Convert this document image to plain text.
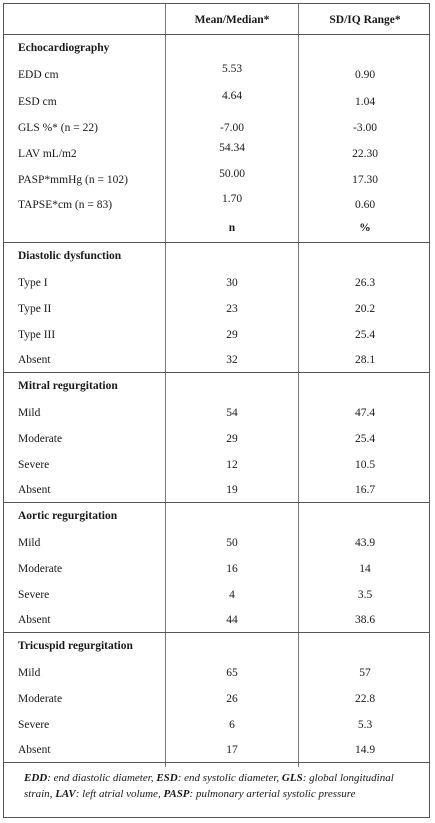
Mean/Median*	SD/IQ Range*
Echocardiography
EDD cm	5.53	0.90
ESD cm	4.64	1.04
GLS %* (n = 22)	-7.00	-3.00
LAV mL/m2	54.34	22.30
PASP*mmHg (n = 102)	50.00	17.30
TAPSE*cm (n = 83)	1.70	0.60
n	%
Diastolic dysfunction
Type I	30	26.3
Type II	23	20.2
Type III	29	25.4
Absent	32	28.1
Mitral regurgitation
Mild	54	47.4
Moderate	29	25.4
Severe	12	10.5
Absent	19	16.7
Aortic regurgitation
Mild	50	43.9
Moderate	16	14
Severe	4	3.5
Absent	44	38.6
Tricuspid regurgitation
Mild	65	57
Moderate	26	22.8
Severe	6	5.3
Absent	17	14.9
EDD: end diastolic diameter, ESD: end systolic diameter, GLS: global longitudinal strain, LAV: left atrial volume, PASP: pulmonary arterial systolic pressure
